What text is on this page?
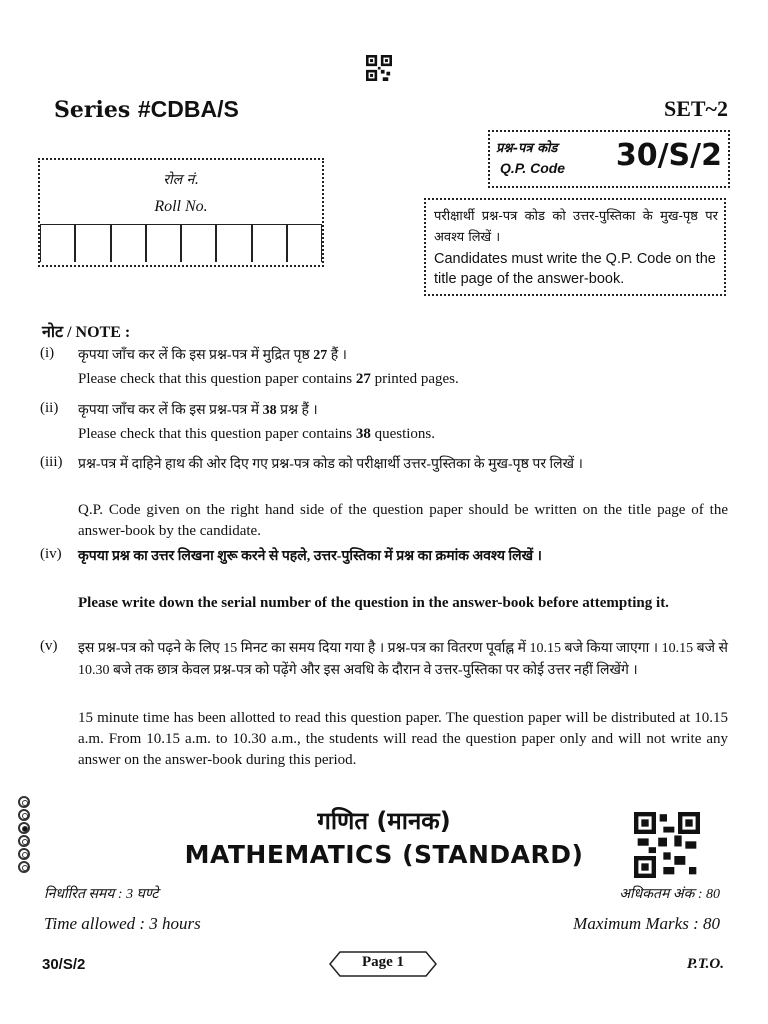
Series #CDBA/S	SET~2
रोल नं.
Roll No.
प्रश्न-पत्र कोड
Q.P. Code 30/S/2
परीक्षार्थी प्रश्न-पत्र कोड को उत्तर-पुस्तिका के मुख-पृष्ठ पर अवश्य लिखें ।
Candidates must write the Q.P. Code on the title page of the answer-book.
नोट / NOTE :
(i) कृपया जाँच कर लें कि इस प्रश्न-पत्र में मुद्रित पृष्ठ 27 हैं ।
Please check that this question paper contains 27 printed pages.
(ii) कृपया जाँच कर लें कि इस प्रश्न-पत्र में 38 प्रश्न हैं ।
Please check that this question paper contains 38 questions.
(iii) प्रश्न-पत्र में दाहिने हाथ की ओर दिए गए प्रश्न-पत्र कोड को परीक्षार्थी उत्तर-पुस्तिका के मुख-पृष्ठ पर लिखें ।
Q.P. Code given on the right hand side of the question paper should be written on the title page of the answer-book by the candidate.
(iv) कृपया प्रश्न का उत्तर लिखना शुरू करने से पहले, उत्तर-पुस्तिका में प्रश्न का क्रमांक अवश्य लिखें ।
Please write down the serial number of the question in the answer-book before attempting it.
(v) इस प्रश्न-पत्र को पढ़ने के लिए 15 मिनट का समय दिया गया है । प्रश्न-पत्र का वितरण पूर्वाह्न में 10.15 बजे किया जाएगा । 10.15 बजे से 10.30 बजे तक छात्र केवल प्रश्न-पत्र को पढ़ेंगे और इस अवधि के दौरान वे उत्तर-पुस्तिका पर कोई उत्तर नहीं लिखेंगे ।
15 minute time has been allotted to read this question paper. The question paper will be distributed at 10.15 a.m. From 10.15 a.m. to 10.30 a.m., the students will read the question paper only and will not write any answer on the answer-book during this period.
गणित (मानक)
MATHEMATICS (STANDARD)
निर्धारित समय : 3 घण्टे
Time allowed : 3 hours
अधिकतम अंक : 80
Maximum Marks : 80
30/S/2	Page 1	P.T.O.
